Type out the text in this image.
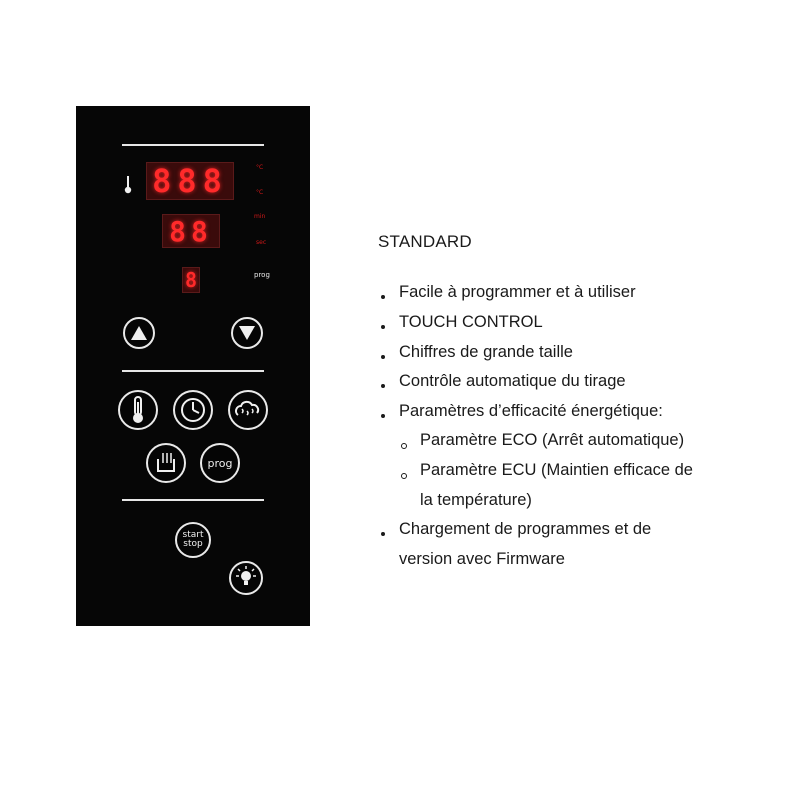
888
88
8
°C
°C
min
sec
prog
prog
start
stop
STANDARD
Facile à programmer et à utiliser
TOUCH CONTROL
Chiffres de grande taille
Contrôle automatique du tirage
Paramètres d’efficacité énergétique:
Paramètre ECO (Arrêt automatique)
Paramètre ECU (Maintien efficace de
la température)
Chargement de programmes et de
version avec Firmware
